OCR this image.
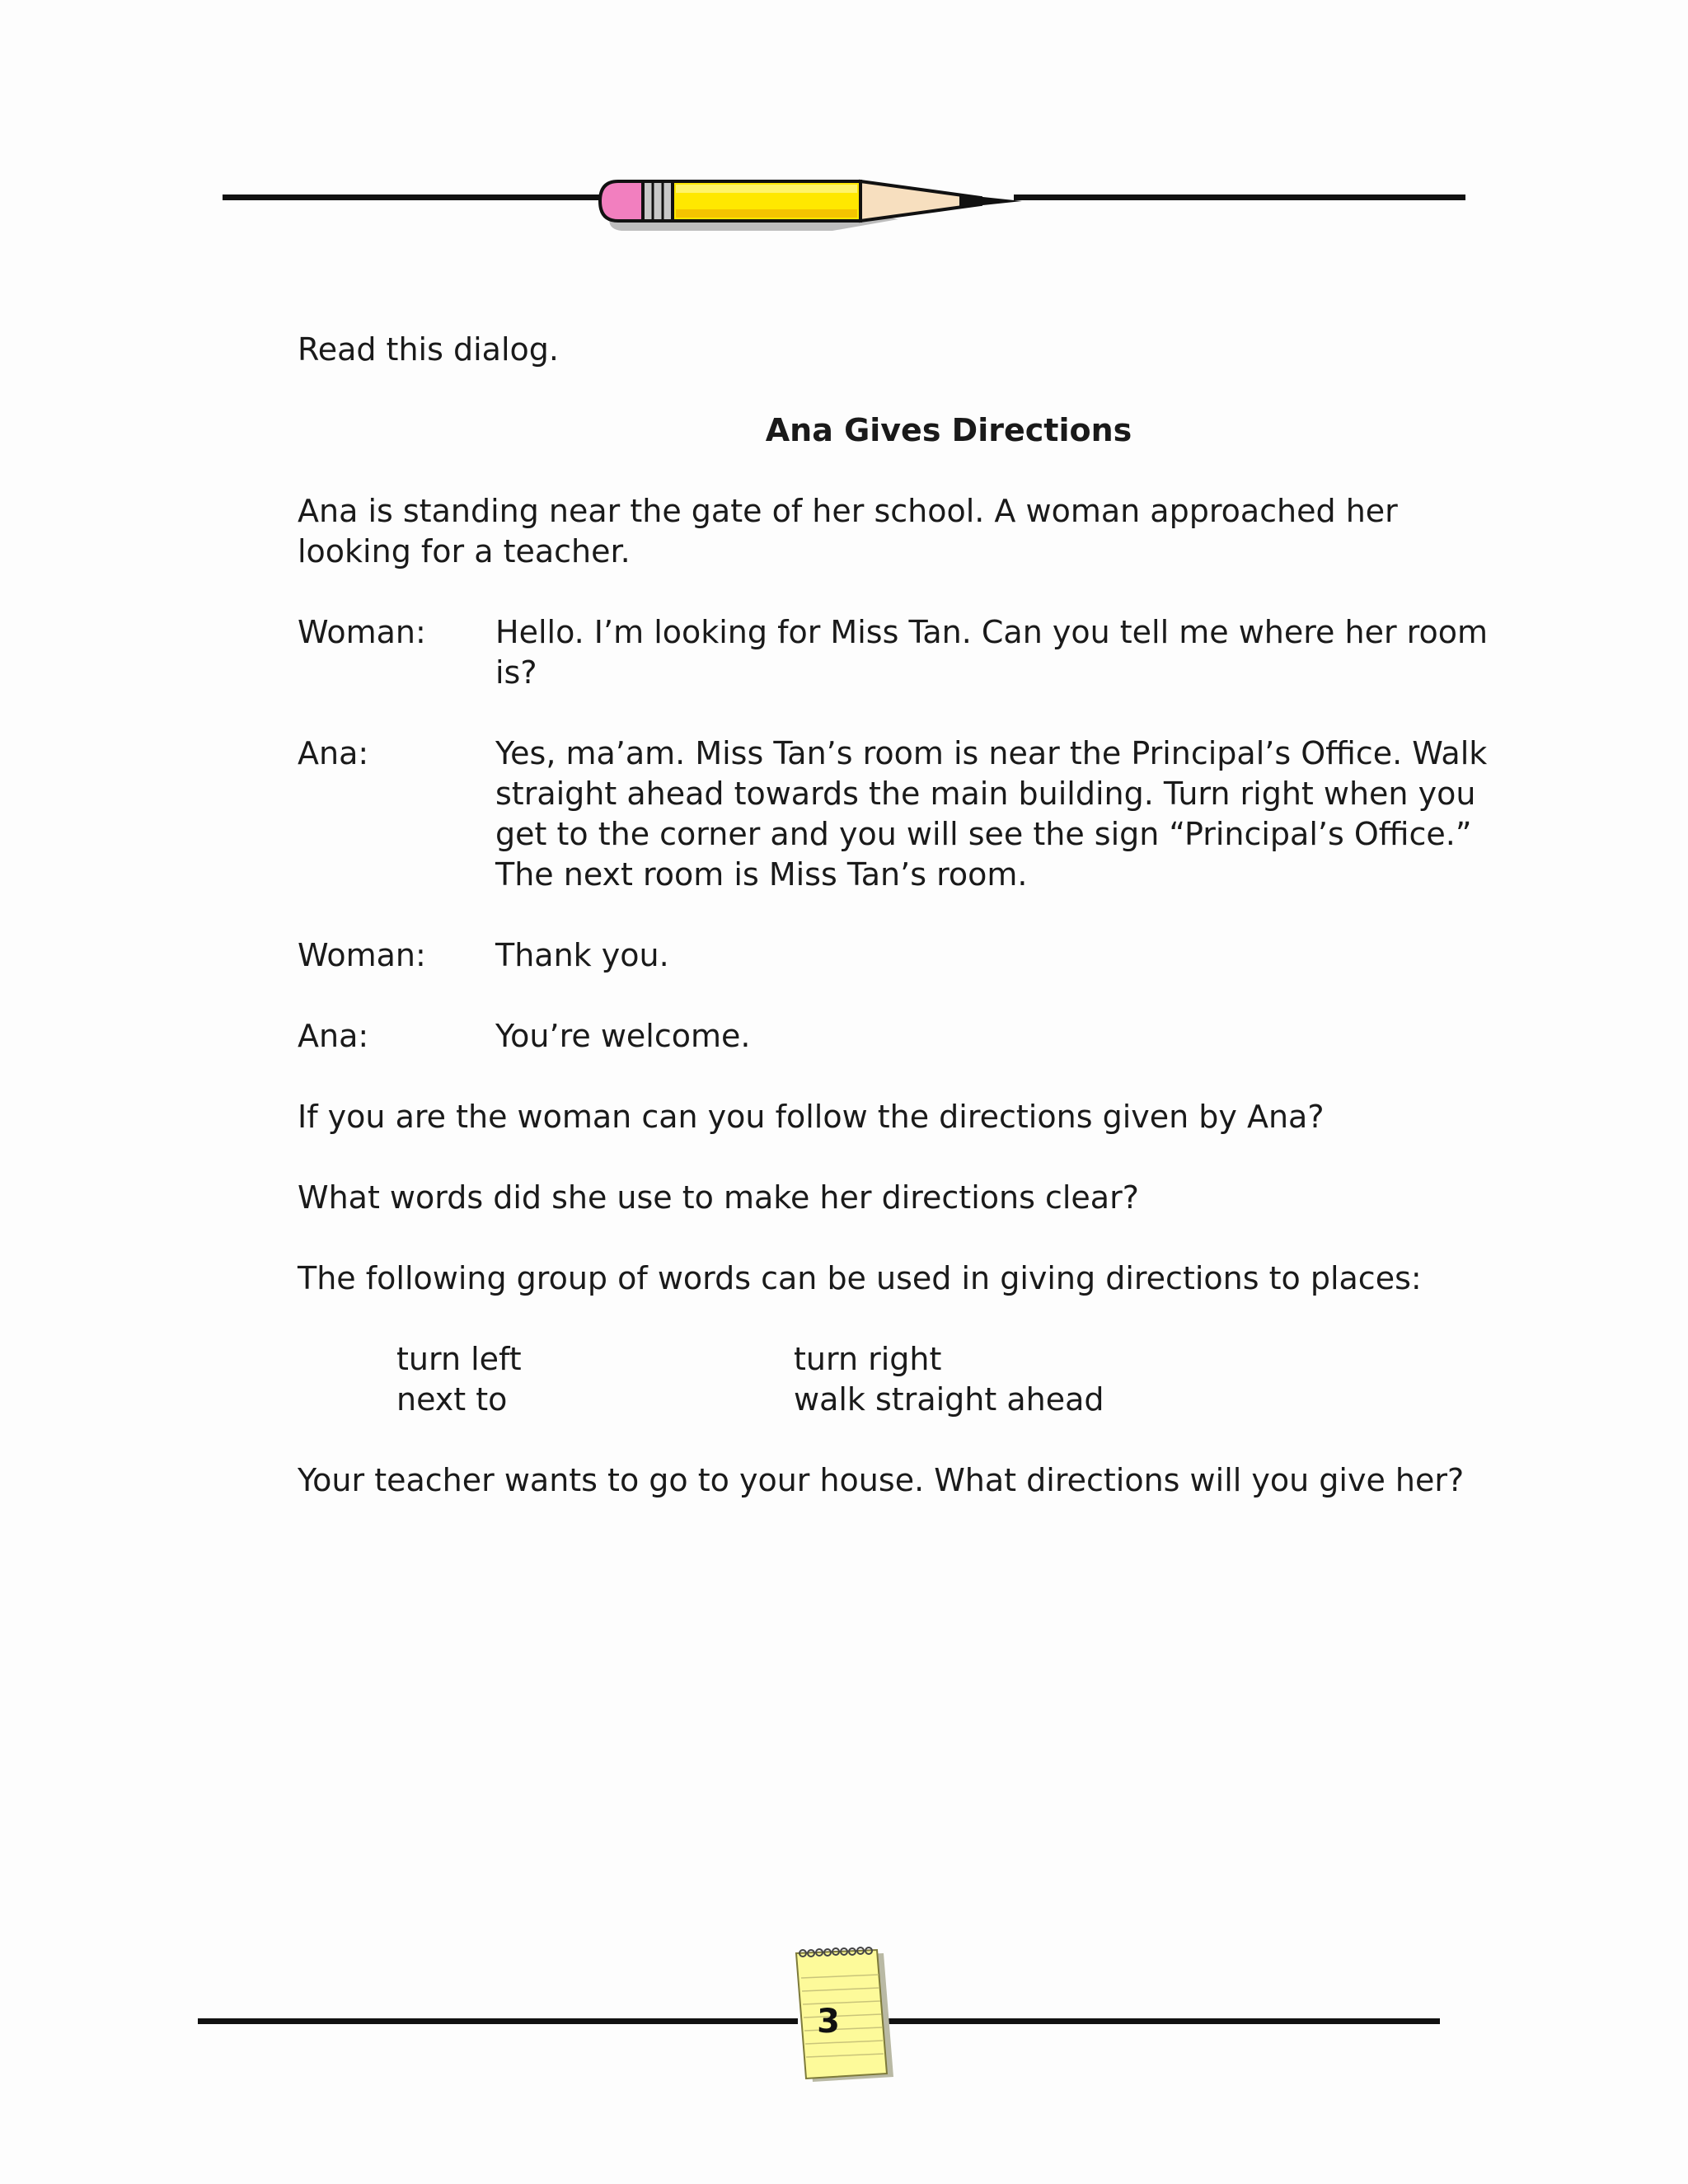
Read this dialog.

Ana Gives Directions

Ana is standing near the gate of her school. A woman approached her looking for a teacher.

Woman:	Hello. I’m looking for Miss Tan. Can you tell me where her room is?
Ana:	Yes, ma’am. Miss Tan’s room is near the Principal’s Office. Walk straight ahead towards the main building. Turn right when you get to the corner and you will see the sign “Principal’s Office.” The next room is Miss Tan’s room.
Woman:	Thank you.
Ana:	You’re welcome.

If you are the woman can you follow the directions given by Ana?

What words did she use to make her directions clear?

The following group of words can be used in giving directions to places:

turn left	turn right
next to	walk straight ahead

Your teacher wants to go to your house. What directions will you give her?

3
